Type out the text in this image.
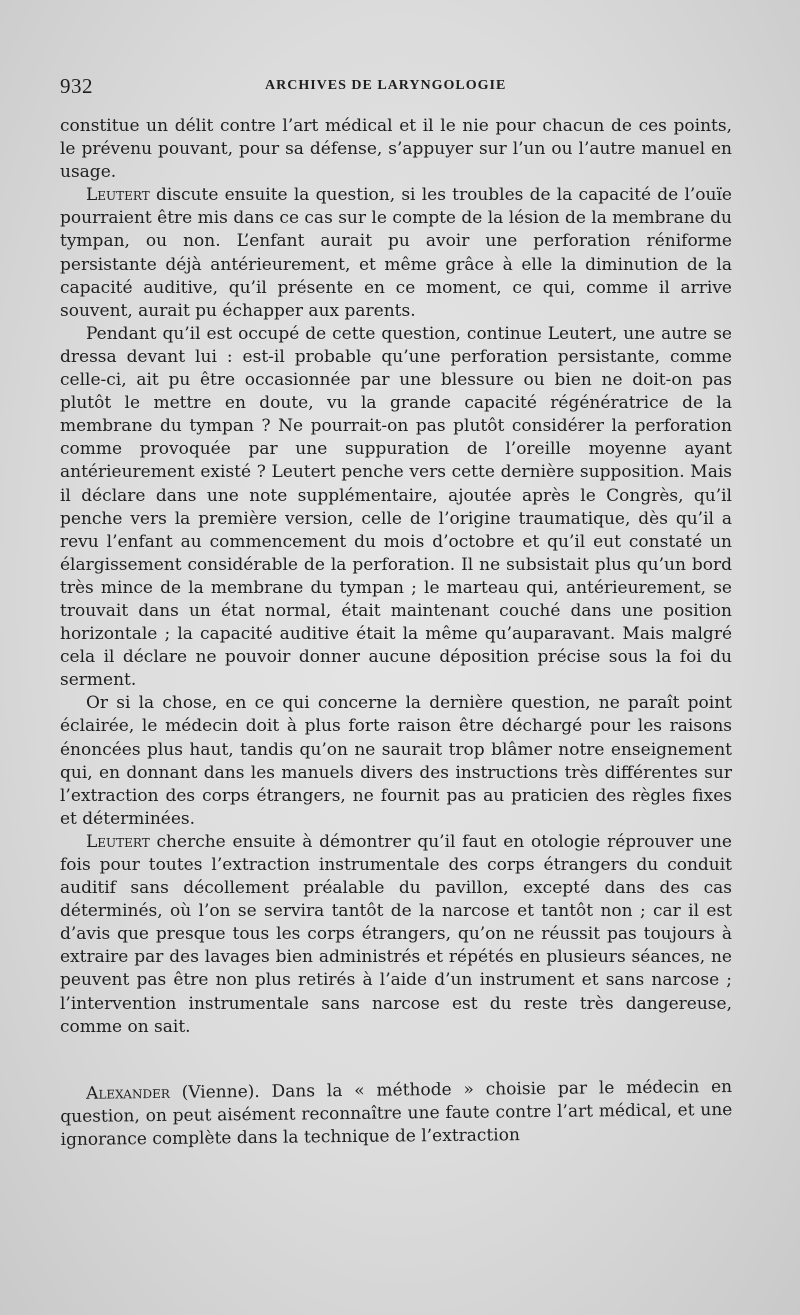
932	ARCHIVES DE LARYNGOLOGIE

constitue un délit contre l’art médical et il le nie pour chacun de ces points, le prévenu pouvant, pour sa défense, s’appuyer sur l’un ou l’autre manuel en usage.

Leutert discute ensuite la question, si les troubles de la capacité de l’ouïe pourraient être mis dans ce cas sur le compte de la lésion de la membrane du tympan, ou non. L’enfant aurait pu avoir une perforation réniforme persistante déjà antérieurement, et même grâce à elle la diminution de la capacité auditive, qu’il présente en ce moment, ce qui, comme il arrive souvent, aurait pu échapper aux parents.

Pendant qu’il est occupé de cette question, continue Leutert, une autre se dressa devant lui : est-il probable qu’une perforation persistante, comme celle-ci, ait pu être occasionnée par une blessure ou bien ne doit-on pas plutôt le mettre en doute, vu la grande capacité régénératrice de la membrane du tympan ? Ne pourrait-on pas plutôt considérer la perforation comme provoquée par une suppuration de l’oreille moyenne ayant antérieurement existé ? Leutert penche vers cette dernière supposition. Mais il déclare dans une note supplémentaire, ajoutée après le Congrès, qu’il penche vers la première version, celle de l’origine traumatique, dès qu’il a revu l’enfant au commencement du mois d’octobre et qu’il eut constaté un élargissement considérable de la perforation. Il ne subsistait plus qu’un bord très mince de la membrane du tympan ; le marteau qui, antérieurement, se trouvait dans un état normal, était maintenant couché dans une position horizontale ; la capacité auditive était la même qu’auparavant. Mais malgré cela il déclare ne pouvoir donner aucune déposition précise sous la foi du serment.

Or si la chose, en ce qui concerne la dernière question, ne paraît point éclairée, le médecin doit à plus forte raison être déchargé pour les raisons énoncées plus haut, tandis qu’on ne saurait trop blâmer notre enseignement qui, en donnant dans les manuels divers des instructions très différentes sur l’extraction des corps étrangers, ne fournit pas au praticien des règles fixes et déterminées.

Leutert cherche ensuite à démontrer qu’il faut en otologie réprouver une fois pour toutes l’extraction instrumentale des corps étrangers du conduit auditif sans décollement préalable du pavillon, excepté dans des cas déterminés, où l’on se servira tantôt de la narcose et tantôt non ; car il est d’avis que presque tous les corps étrangers, qu’on ne réussit pas toujours à extraire par des lavages bien administrés et répétés en plusieurs séances, ne peuvent pas être non plus retirés à l’aide d’un instrument et sans narcose ; l’intervention instrumentale sans narcose est du reste très dangereuse, comme on sait.

Alexander (Vienne). Dans la « méthode » choisie par le médecin en question, on peut aisément reconnaître une faute contre l’art médical, et une ignorance complète dans la technique de l’extraction
